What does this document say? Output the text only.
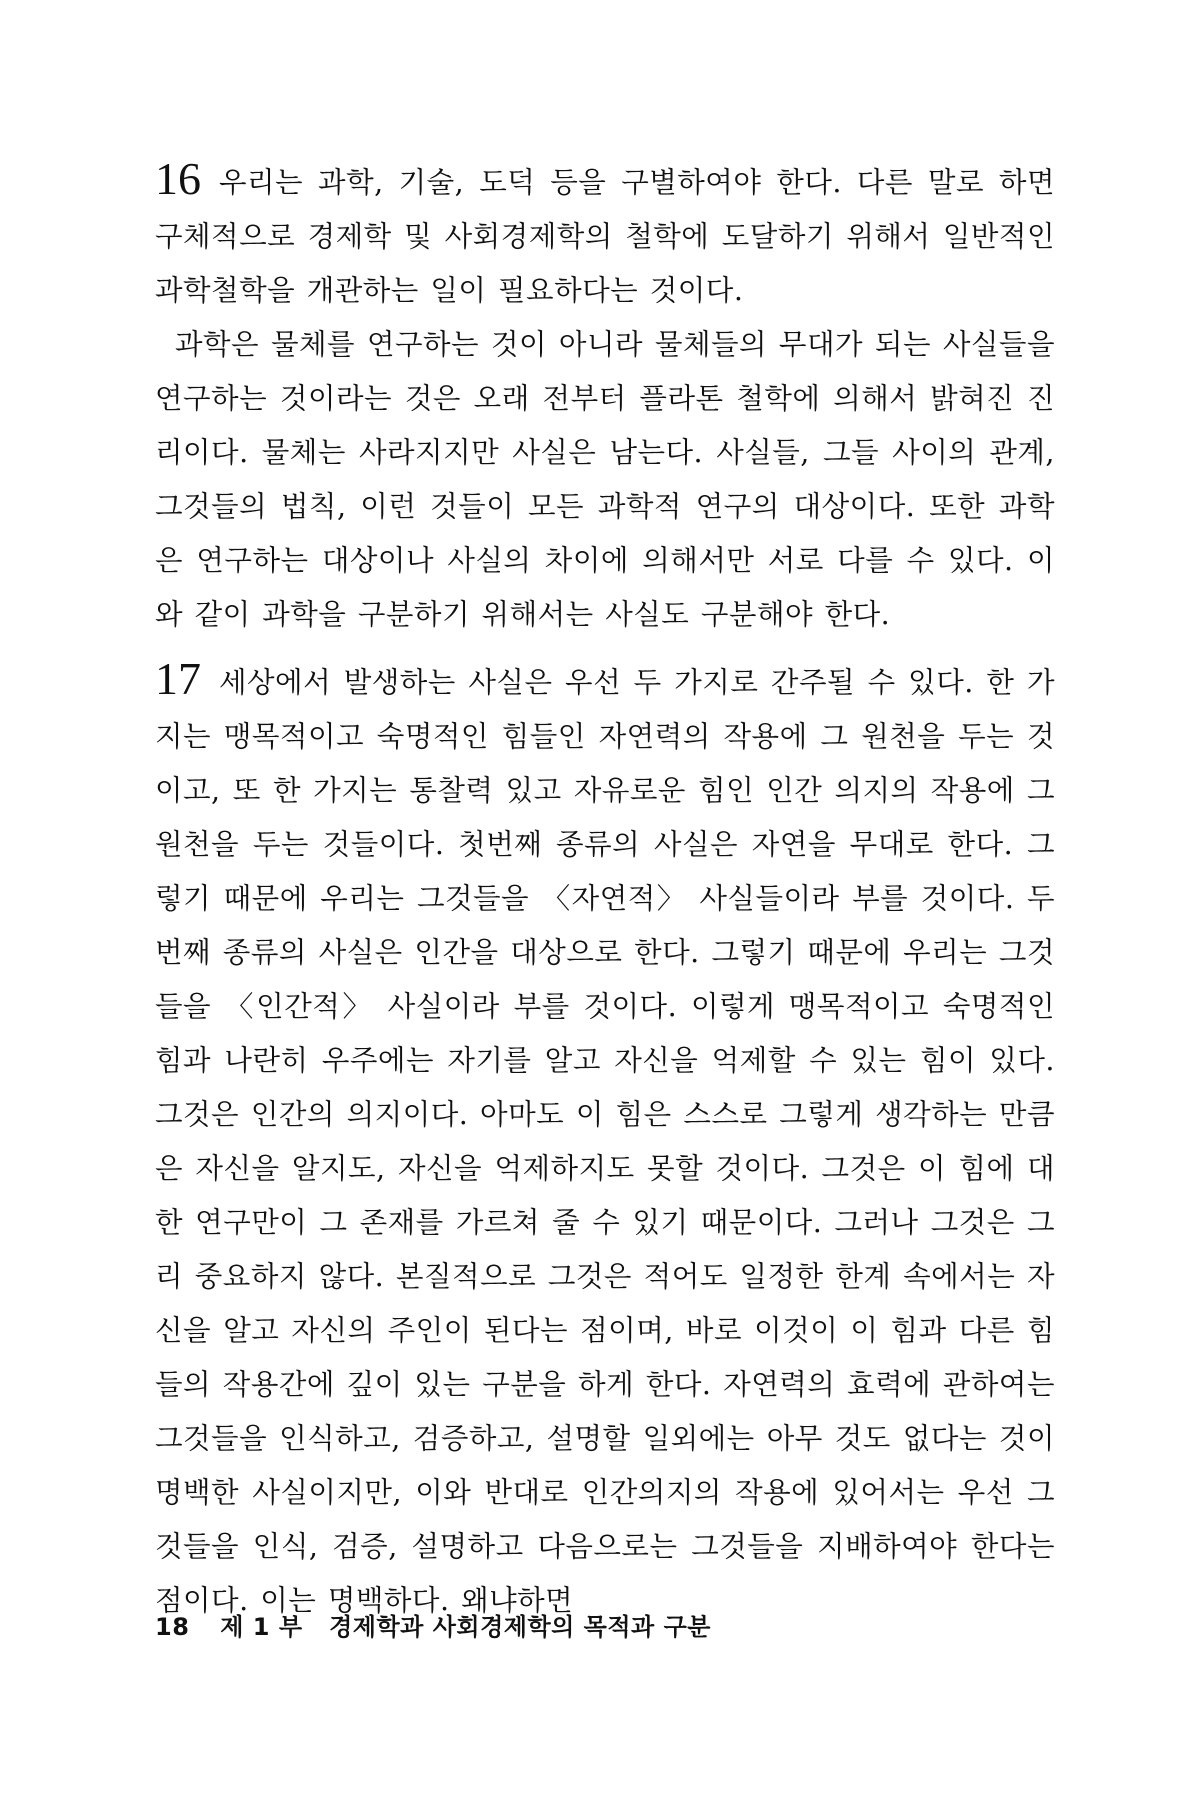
16 우리는 과학, 기술, 도덕 등을 구별하여야 한다. 다른 말로 하면 구체적으로 경제학 및 사회경제학의 철학에 도달하기 위해서 일반적인 과학철학을 개관하는 일이 필요하다는 것이다.

과학은 물체를 연구하는 것이 아니라 물체들의 무대가 되는 사실들을 연구하는 것이라는 것은 오래 전부터 플라톤 철학에 의해서 밝혀진 진리이다. 물체는 사라지지만 사실은 남는다. 사실들, 그들 사이의 관계, 그것들의 법칙, 이런 것들이 모든 과학적 연구의 대상이다. 또한 과학은 연구하는 대상이나 사실의 차이에 의해서만 서로 다를 수 있다. 이와 같이 과학을 구분하기 위해서는 사실도 구분해야 한다.

17 세상에서 발생하는 사실은 우선 두 가지로 간주될 수 있다. 한 가지는 맹목적이고 숙명적인 힘들인 자연력의 작용에 그 원천을 두는 것이고, 또 한 가지는 통찰력 있고 자유로운 힘인 인간 의지의 작용에 그 원천을 두는 것들이다. 첫번째 종류의 사실은 자연을 무대로 한다. 그렇기 때문에 우리는 그것들을 〈자연적〉 사실들이라 부를 것이다. 두번째 종류의 사실은 인간을 대상으로 한다. 그렇기 때문에 우리는 그것들을 〈인간적〉 사실이라 부를 것이다. 이렇게 맹목적이고 숙명적인 힘과 나란히 우주에는 자기를 알고 자신을 억제할 수 있는 힘이 있다. 그것은 인간의 의지이다. 아마도 이 힘은 스스로 그렇게 생각하는 만큼은 자신을 알지도, 자신을 억제하지도 못할 것이다. 그것은 이 힘에 대한 연구만이 그 존재를 가르쳐 줄 수 있기 때문이다. 그러나 그것은 그리 중요하지 않다. 본질적으로 그것은 적어도 일정한 한계 속에서는 자신을 알고 자신의 주인이 된다는 점이며, 바로 이것이 이 힘과 다른 힘들의 작용간에 깊이 있는 구분을 하게 한다. 자연력의 효력에 관하여는 그것들을 인식하고, 검증하고, 설명할 일외에는 아무 것도 없다는 것이 명백한 사실이지만, 이와 반대로 인간의지의 작용에 있어서는 우선 그것들을 인식, 검증, 설명하고 다음으로는 그것들을 지배하여야 한다는 점이다. 이는 명백하다. 왜냐하면

18 제 1 부 경제학과 사회경제학의 목적과 구분
